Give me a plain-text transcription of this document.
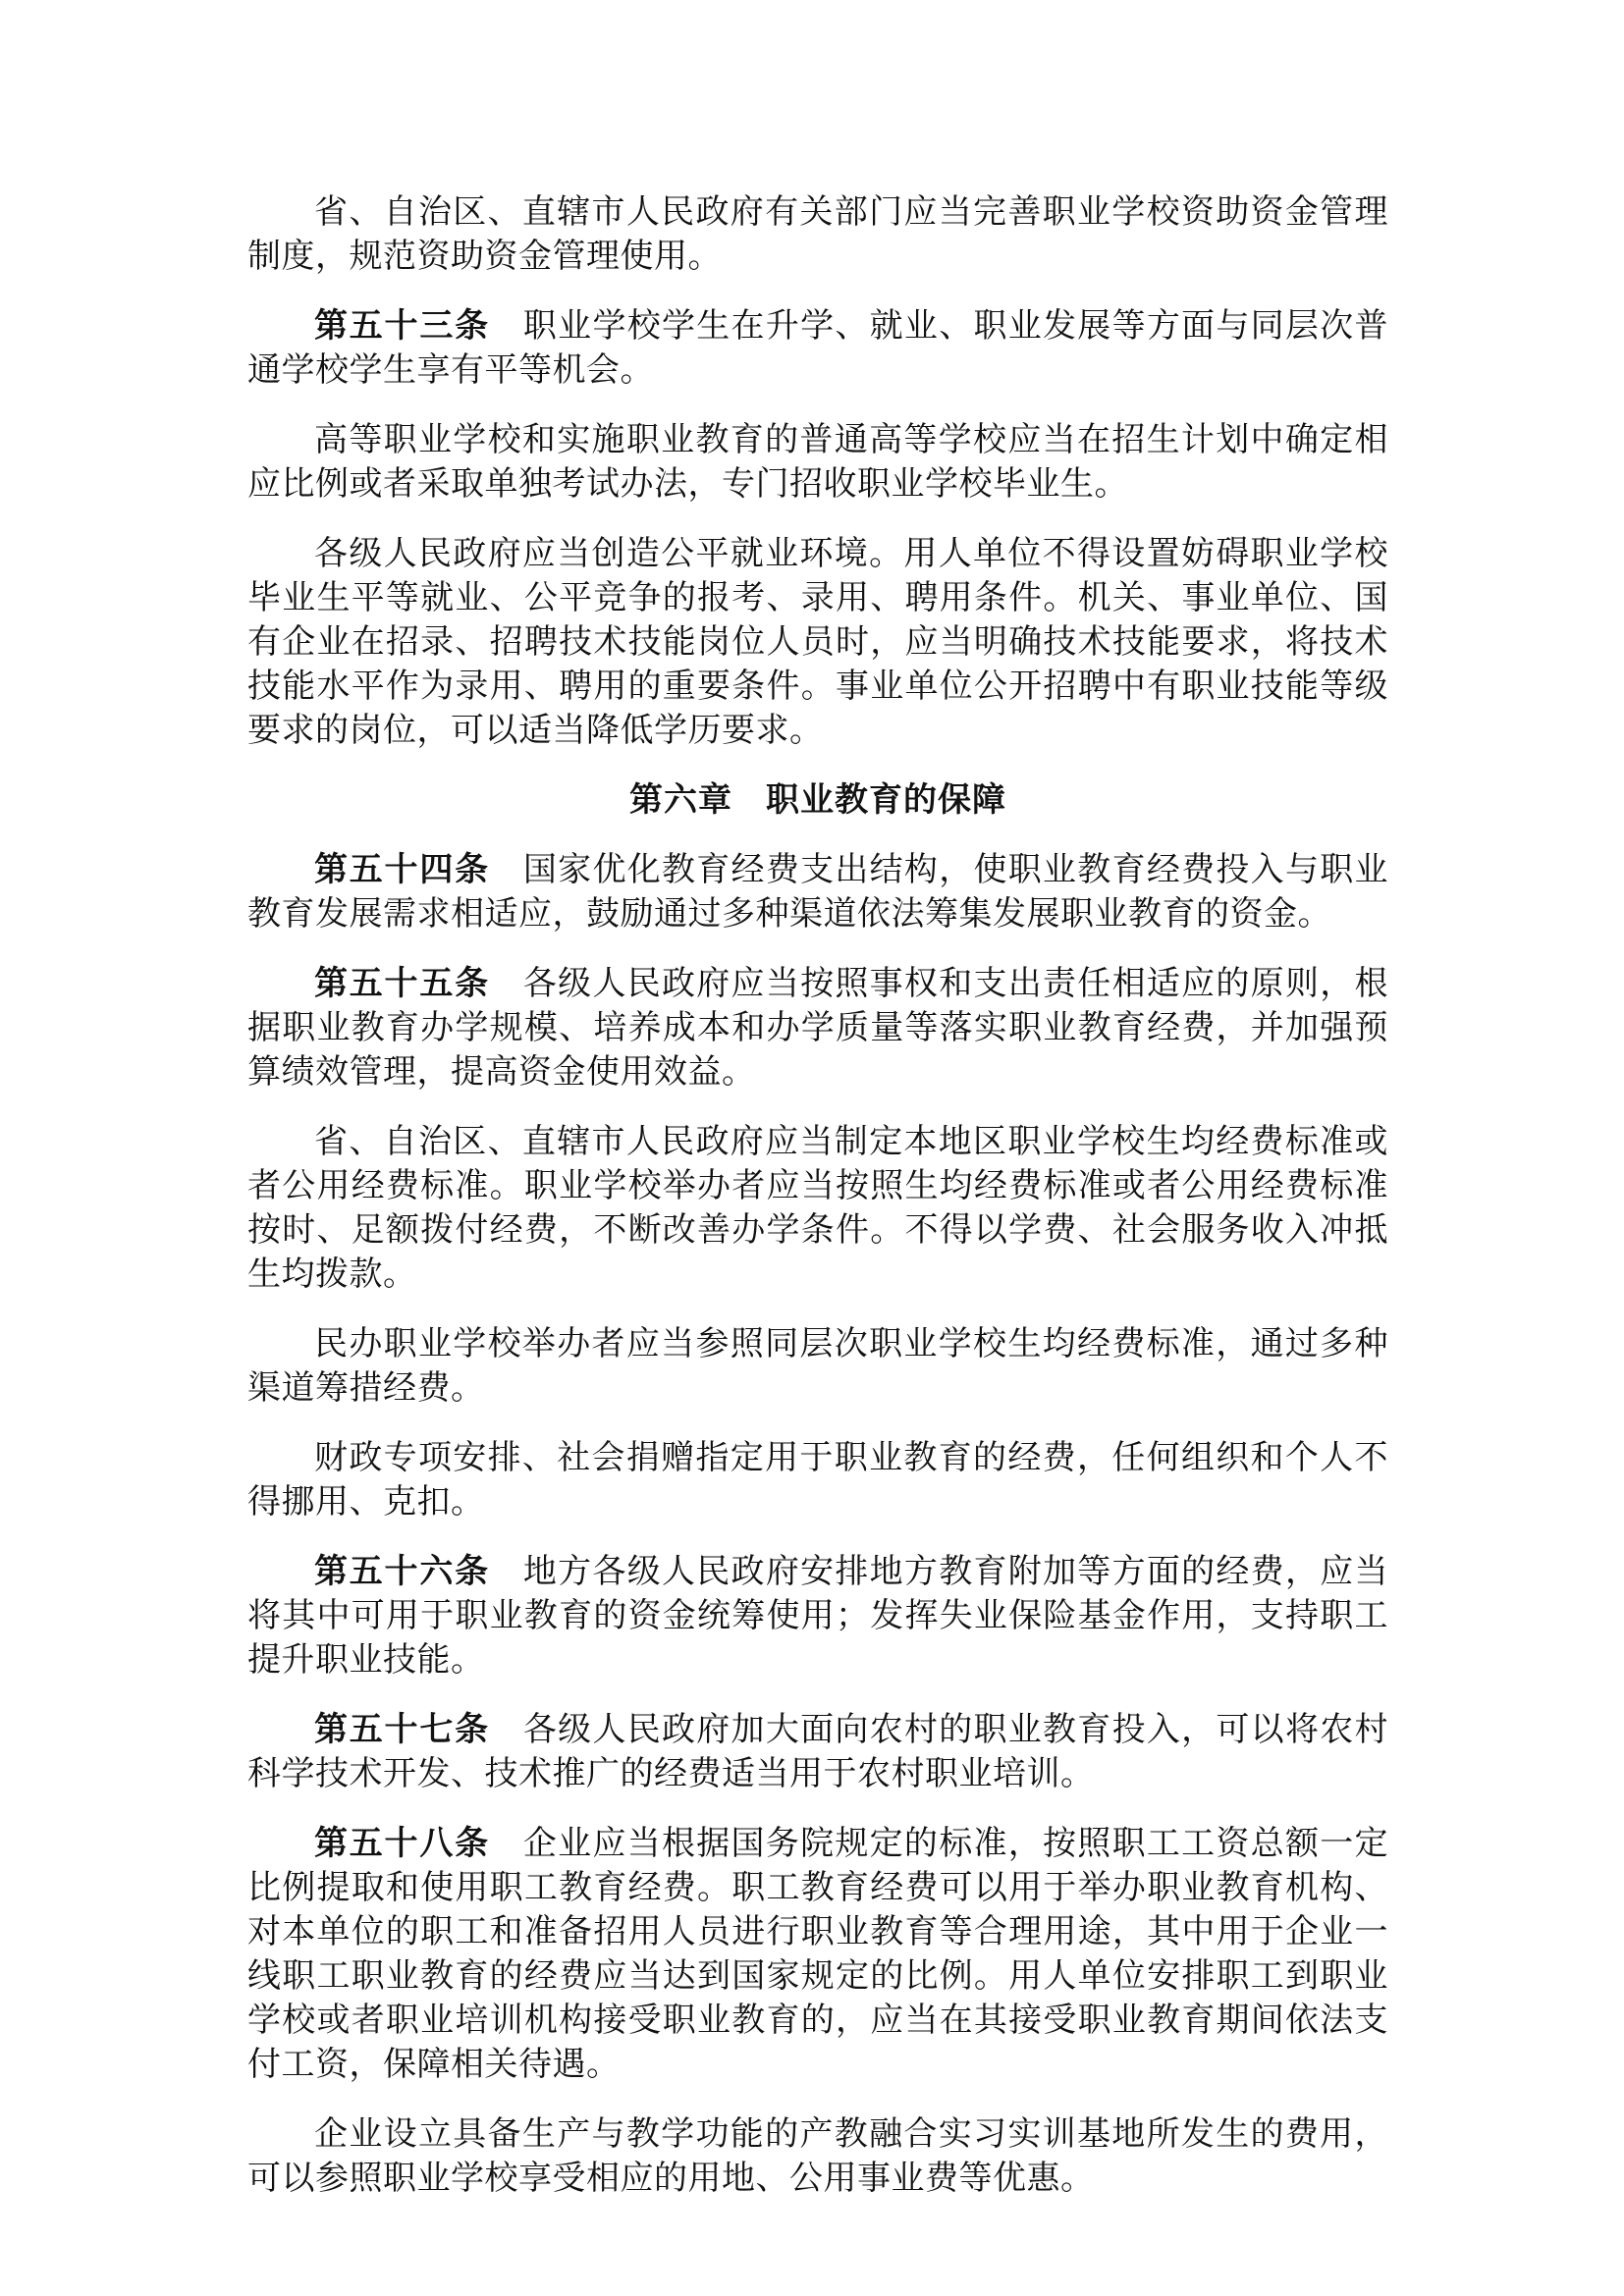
省、自治区、直辖市人民政府有关部门应当完善职业学校资助资金管理制度，规范资助资金管理使用。

第五十三条 职业学校学生在升学、就业、职业发展等方面与同层次普通学校学生享有平等机会。

高等职业学校和实施职业教育的普通高等学校应当在招生计划中确定相应比例或者采取单独考试办法，专门招收职业学校毕业生。

各级人民政府应当创造公平就业环境。用人单位不得设置妨碍职业学校毕业生平等就业、公平竞争的报考、录用、聘用条件。机关、事业单位、国有企业在招录、招聘技术技能岗位人员时，应当明确技术技能要求，将技术技能水平作为录用、聘用的重要条件。事业单位公开招聘中有职业技能等级要求的岗位，可以适当降低学历要求。

第六章 职业教育的保障

第五十四条 国家优化教育经费支出结构，使职业教育经费投入与职业教育发展需求相适应，鼓励通过多种渠道依法筹集发展职业教育的资金。

第五十五条 各级人民政府应当按照事权和支出责任相适应的原则，根据职业教育办学规模、培养成本和办学质量等落实职业教育经费，并加强预算绩效管理，提高资金使用效益。

省、自治区、直辖市人民政府应当制定本地区职业学校生均经费标准或者公用经费标准。职业学校举办者应当按照生均经费标准或者公用经费标准按时、足额拨付经费，不断改善办学条件。不得以学费、社会服务收入冲抵生均拨款。

民办职业学校举办者应当参照同层次职业学校生均经费标准，通过多种渠道筹措经费。

财政专项安排、社会捐赠指定用于职业教育的经费，任何组织和个人不得挪用、克扣。

第五十六条 地方各级人民政府安排地方教育附加等方面的经费，应当将其中可用于职业教育的资金统筹使用；发挥失业保险基金作用，支持职工提升职业技能。

第五十七条 各级人民政府加大面向农村的职业教育投入，可以将农村科学技术开发、技术推广的经费适当用于农村职业培训。

第五十八条 企业应当根据国务院规定的标准，按照职工工资总额一定比例提取和使用职工教育经费。职工教育经费可以用于举办职业教育机构、对本单位的职工和准备招用人员进行职业教育等合理用途，其中用于企业一线职工职业教育的经费应当达到国家规定的比例。用人单位安排职工到职业学校或者职业培训机构接受职业教育的，应当在其接受职业教育期间依法支付工资，保障相关待遇。

企业设立具备生产与教学功能的产教融合实习实训基地所发生的费用，可以参照职业学校享受相应的用地、公用事业费等优惠。
